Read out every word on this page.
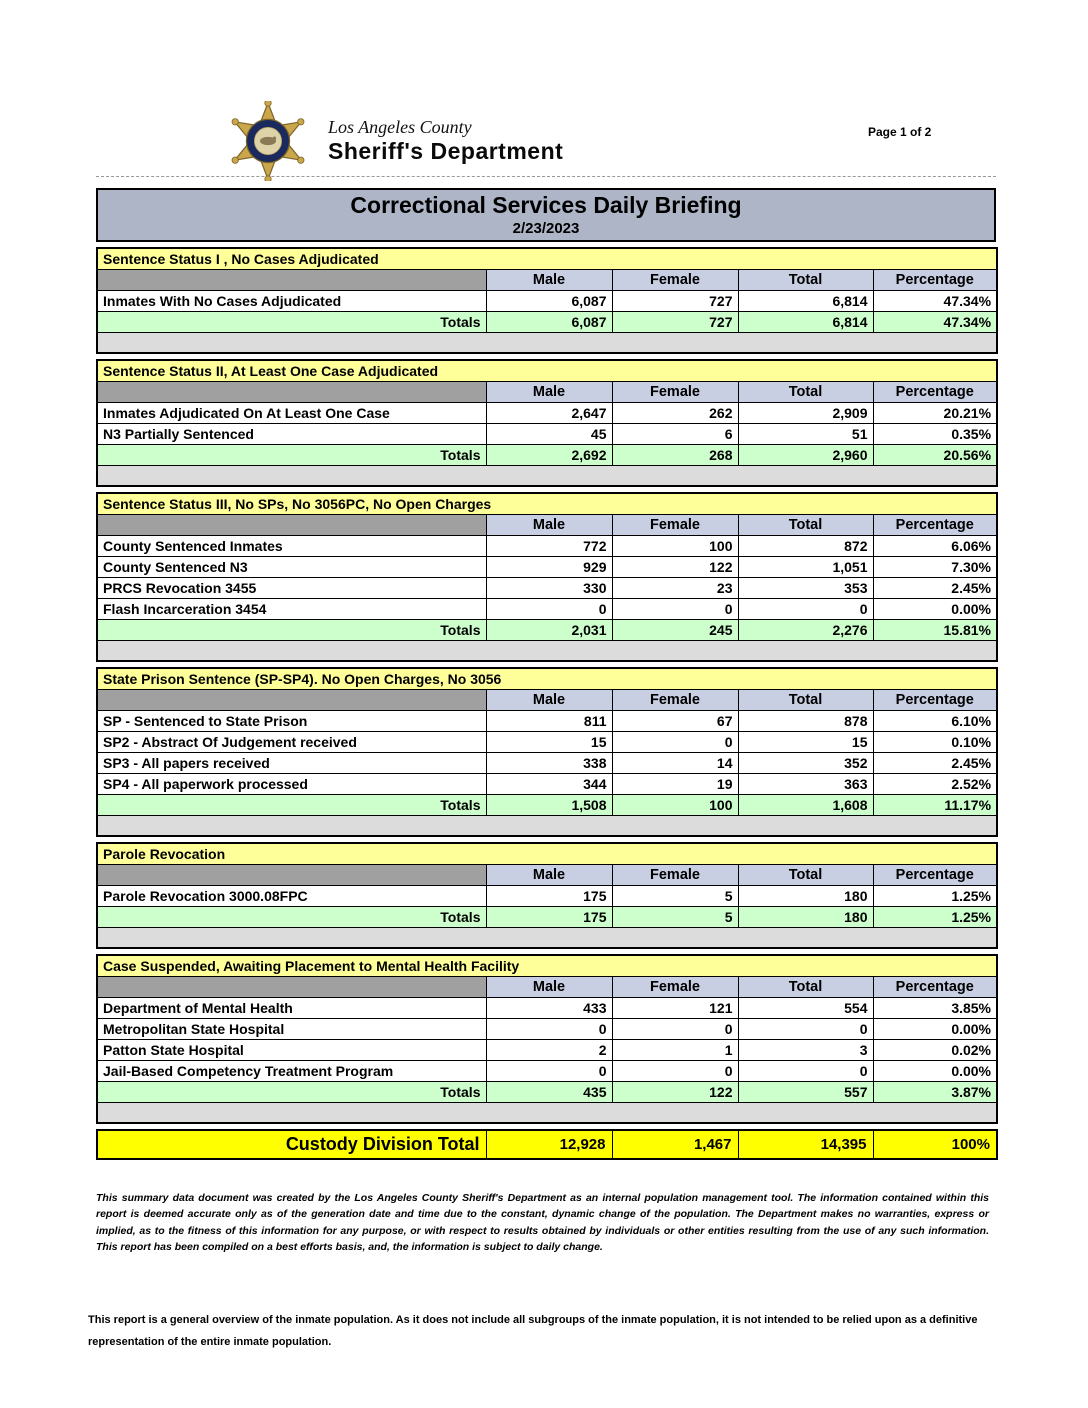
Los Angeles County
Sheriff's Department
Page 1 of 2
Correctional Services Daily Briefing
2/23/2023
Sentence Status I , No Cases Adjudicated				
	Male	Female	Total	Percentage
Inmates With No Cases Adjudicated	6,087	727	6,814	47.34%
Totals	6,087	727	6,814	47.34%

Sentence Status II, At Least One Case Adjudicated				
	Male	Female	Total	Percentage
Inmates Adjudicated On At Least One Case	2,647	262	2,909	20.21%
N3 Partially Sentenced	45	6	51	0.35%
Totals	2,692	268	2,960	20.56%

Sentence Status III, No SPs, No 3056PC, No Open Charges				
	Male	Female	Total	Percentage
County Sentenced Inmates	772	100	872	6.06%
County Sentenced N3	929	122	1,051	7.30%
PRCS Revocation 3455	330	23	353	2.45%
Flash Incarceration 3454	0	0	0	0.00%
Totals	2,031	245	2,276	15.81%

State Prison Sentence (SP-SP4). No Open Charges, No 3056				
	Male	Female	Total	Percentage
SP - Sentenced to State Prison	811	67	878	6.10%
SP2 - Abstract Of Judgement received	15	0	15	0.10%
SP3 - All papers received	338	14	352	2.45%
SP4 - All paperwork processed	344	19	363	2.52%
Totals	1,508	100	1,608	11.17%

Parole Revocation				
	Male	Female	Total	Percentage
Parole Revocation 3000.08FPC	175	5	180	1.25%
Totals	175	5	180	1.25%

Case Suspended, Awaiting Placement to Mental Health Facility				
	Male	Female	Total	Percentage
Department of Mental Health	433	121	554	3.85%
Metropolitan State Hospital	0	0	0	0.00%
Patton State Hospital	2	1	3	0.02%
Jail-Based Competency Treatment Program	0	0	0	0.00%
Totals	435	122	557	3.87%

Custody Division Total	12,928	1,467	14,395	100%
This summary data document was created by the Los Angeles County Sheriff's Department as an internal population management tool. The information contained within this report is deemed accurate only as of the generation date and time due to the constant, dynamic change of the population. The Department makes no warranties, express or implied, as to the fitness of this information for any purpose, or with respect to results obtained by individuals or other entities resulting from the use of any such information. This report has been compiled on a best efforts basis, and, the information is subject to daily change.
This report is a general overview of the inmate population. As it does not include all subgroups of the inmate population, it is not intended to be relied upon as a definitive representation of the entire inmate population.
